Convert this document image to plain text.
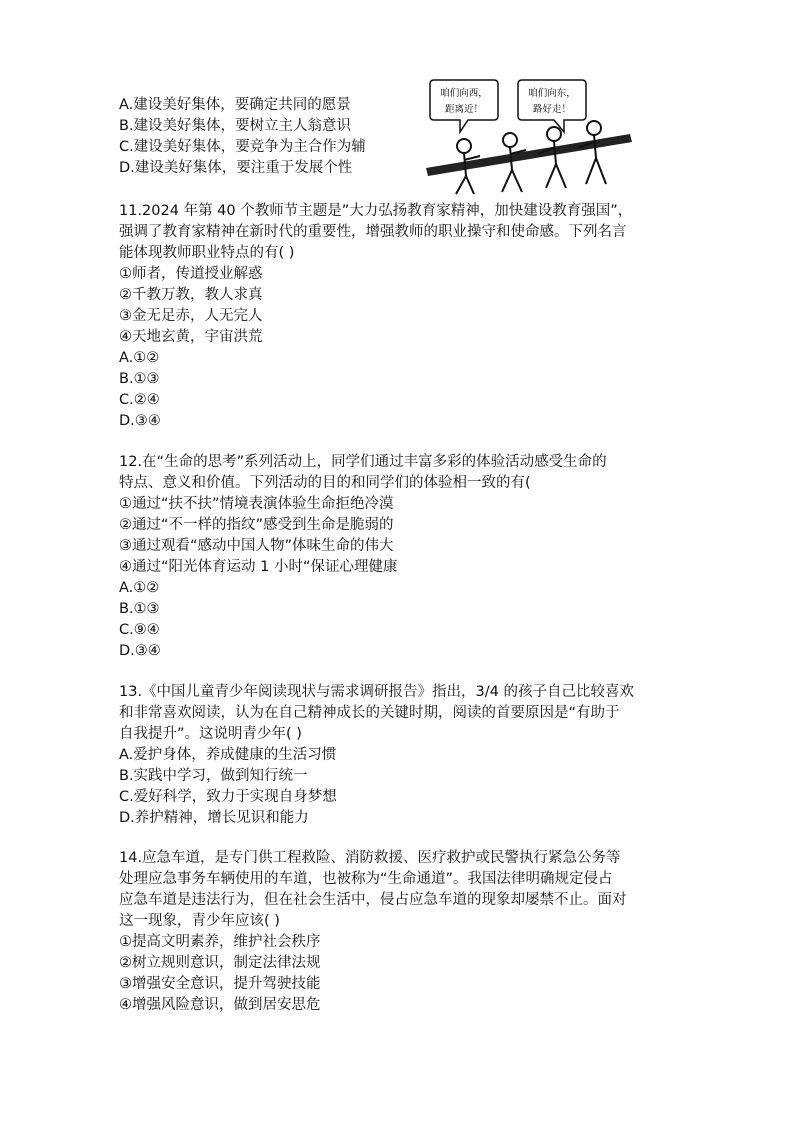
A.建设美好集体，要确定共同的愿景
B.建设美好集体，要树立主人翁意识
C.建设美好集体，要竞争为主合作为辅
D.建设美好集体，要注重于发展个性
咱们向西，
距离近！
咱们向东，
路好走！
11.2024 年第 40 个教师节主题是”大力弘扬教育家精神，加快建设教育强国”，
强调了教育家精神在新时代的重要性，增强教师的职业操守和使命感。下列名言
能体现教师职业特点的有( )
①师者，传道授业解惑
②千教万教，教人求真
③金无足赤，人无完人
④天地玄黄，宇宙洪荒
A.①②
B.①③
C.②④
D.③④
12.在“生命的思考”系列活动上，同学们通过丰富多彩的体验活动感受生命的
特点、意义和价值。下列活动的目的和同学们的体验相一致的有(
①通过“扶不扶”情境表演体验生命拒绝冷漠
②通过“不一样的指纹”感受到生命是脆弱的
③通过观看“感动中国人物”体味生命的伟大
④通过“阳光体育运动 1 小时“保证心理健康
A.①②
B.①③
C.⑨④
D.③④
13.《中国儿童青少年阅读现状与需求调研报告》指出，3/4 的孩子自己比较喜欢
和非常喜欢阅读，认为在自己精神成长的关键时期，阅读的首要原因是“有助于
自我提升”。这说明青少年( )
A.爱护身体，养成健康的生活习惯
B.实践中学习，做到知行统一
C.爱好科学，致力于实现自身梦想
D.养护精神，增长见识和能力
14.应急车道，是专门供工程救险、消防救援、医疗救护或民警执行紧急公务等
处理应急事务车辆使用的车道，也被称为“生命通道”。我国法律明确规定侵占
应急车道是违法行为，但在社会生活中，侵占应急车道的现象却屡禁不止。面对
这一现象，青少年应该( )
①提高文明素养，维护社会秩序
②树立规则意识，制定法律法规
③增强安全意识，提升驾驶技能
④增强风险意识，做到居安思危
